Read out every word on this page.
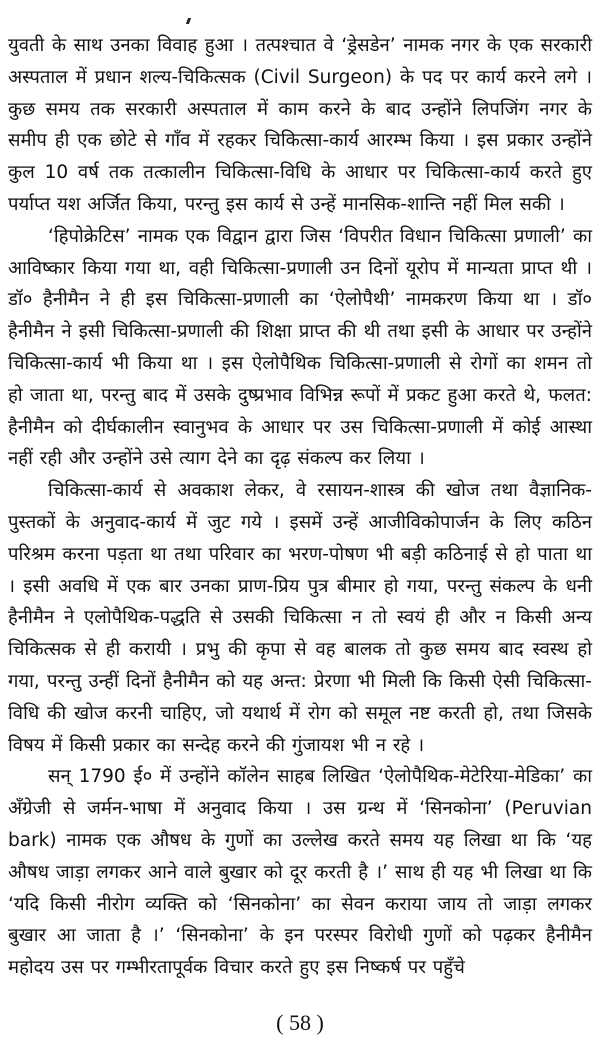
युवती के साथ उनका विवाह हुआ । तत्पश्चात वे ‘ड्रेसडेन’ नामक नगर के एक सरकारी अस्पताल में प्रधान शल्य-चिकित्सक (Civil Surgeon) के पद पर कार्य करने लगे । कुछ समय तक सरकारी अस्पताल में काम करने के बाद उन्होंने लिपजिंग नगर के समीप ही एक छोटे से गाँव में रहकर चिकित्सा-कार्य आरम्भ किया । इस प्रकार उन्होंने कुल 10 वर्ष तक तत्कालीन चिकित्सा-विधि के आधार पर चिकित्सा-कार्य करते हुए पर्याप्त यश अर्जित किया, परन्तु इस कार्य से उन्हें मानसिक-शान्ति नहीं मिल सकी ।

‘हिपोक्रेटिस’ नामक एक विद्वान द्वारा जिस ‘विपरीत विधान चिकित्सा प्रणाली’ का आविष्कार किया गया था, वही चिकित्सा-प्रणाली उन दिनों यूरोप में मान्यता प्राप्त थी । डॉ० हैनीमैन ने ही इस चिकित्सा-प्रणाली का ‘ऐलोपैथी’ नामकरण किया था । डॉ० हैनीमैन ने इसी चिकित्सा-प्रणाली की शिक्षा प्राप्त की थी तथा इसी के आधार पर उन्होंने चिकित्सा-कार्य भी किया था । इस ऐलोपैथिक चिकित्सा-प्रणाली से रोगों का शमन तो हो जाता था, परन्तु बाद में उसके दुष्प्रभाव विभिन्न रूपों में प्रकट हुआ करते थे, फलत: हैनीमैन को दीर्घकालीन स्वानुभव के आधार पर उस चिकित्सा-प्रणाली में कोई आस्था नहीं रही और उन्होंने उसे त्याग देने का दृढ़ संकल्प कर लिया ।

चिकित्सा-कार्य से अवकाश लेकर, वे रसायन-शास्त्र की खोज तथा वैज्ञानिक-पुस्तकों के अनुवाद-कार्य में जुट गये । इसमें उन्हें आजीविकोपार्जन के लिए कठिन परिश्रम करना पड़ता था तथा परिवार का भरण-पोषण भी बड़ी कठिनाई से हो पाता था । इसी अवधि में एक बार उनका प्राण-प्रिय पुत्र बीमार हो गया, परन्तु संकल्प के धनी हैनीमैन ने एलोपैथिक-पद्धति से उसकी चिकित्सा न तो स्वयं ही और न किसी अन्य चिकित्सक से ही करायी । प्रभु की कृपा से वह बालक तो कुछ समय बाद स्वस्थ हो गया, परन्तु उन्हीं दिनों हैनीमैन को यह अन्त: प्रेरणा भी मिली कि किसी ऐसी चिकित्सा-विधि की खोज करनी चाहिए, जो यथार्थ में रोग को समूल नष्ट करती हो, तथा जिसके विषय में किसी प्रकार का सन्देह करने की गुंजायश भी न रहे ।

सन् 1790 ई० में उन्होंने कॉलेन साहब लिखित ‘ऐलोपैथिक-मेटेरिया-मेडिका’ का अँग्रेजी से जर्मन-भाषा में अनुवाद किया । उस ग्रन्थ में ‘सिनकोना’ (Peruvian bark) नामक एक औषध के गुणों का उल्लेख करते समय यह लिखा था कि ‘यह औषध जाड़ा लगकर आने वाले बुखार को दूर करती है ।’ साथ ही यह भी लिखा था कि ‘यदि किसी नीरोग व्यक्ति को ‘सिनकोना’ का सेवन कराया जाय तो जाड़ा लगकर बुखार आ जाता है ।’ ‘सिनकोना’ के इन परस्पर विरोधी गुणों को पढ़कर हैनीमैन महोदय उस पर गम्भीरतापूर्वक विचार करते हुए इस निष्कर्ष पर पहुँचे

( 58 )
